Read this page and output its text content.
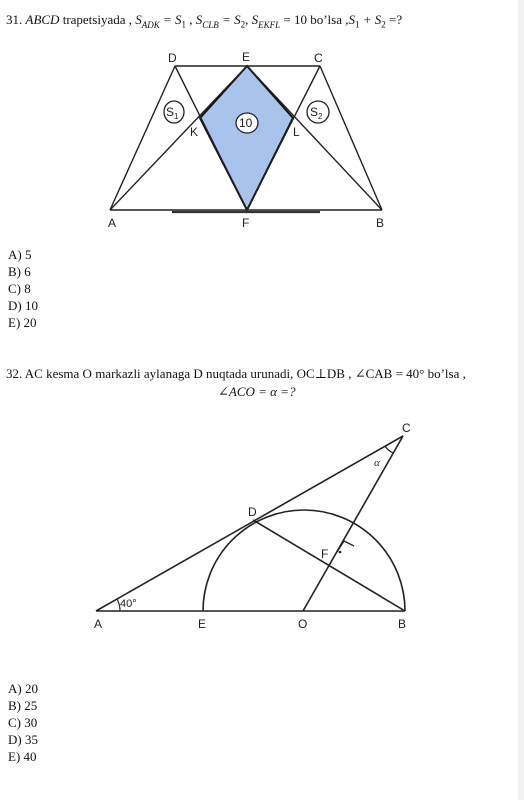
31. ABCD trapetsiyada , $S_{ADK} = S_1$ , $S_{CLB} = S_2$, $S_{EKFL} = 10$ bo’lsa $,S_1 + S_2$ =?
D	E	C
A	F	B
K	L
$S_1$	$S_2$
10
A) 5
B) 6
C) 8
D) 10
E) 20
32. AC kesma O markazli aylanaga D nuqtada urunadi, OC⊥DB , ∠CAB = 40° bo’lsa ,
∠ACO = α =?
40°
α
A	E	O	B
C
D
F
A) 20
B) 25
C) 30
D) 35
E) 40
